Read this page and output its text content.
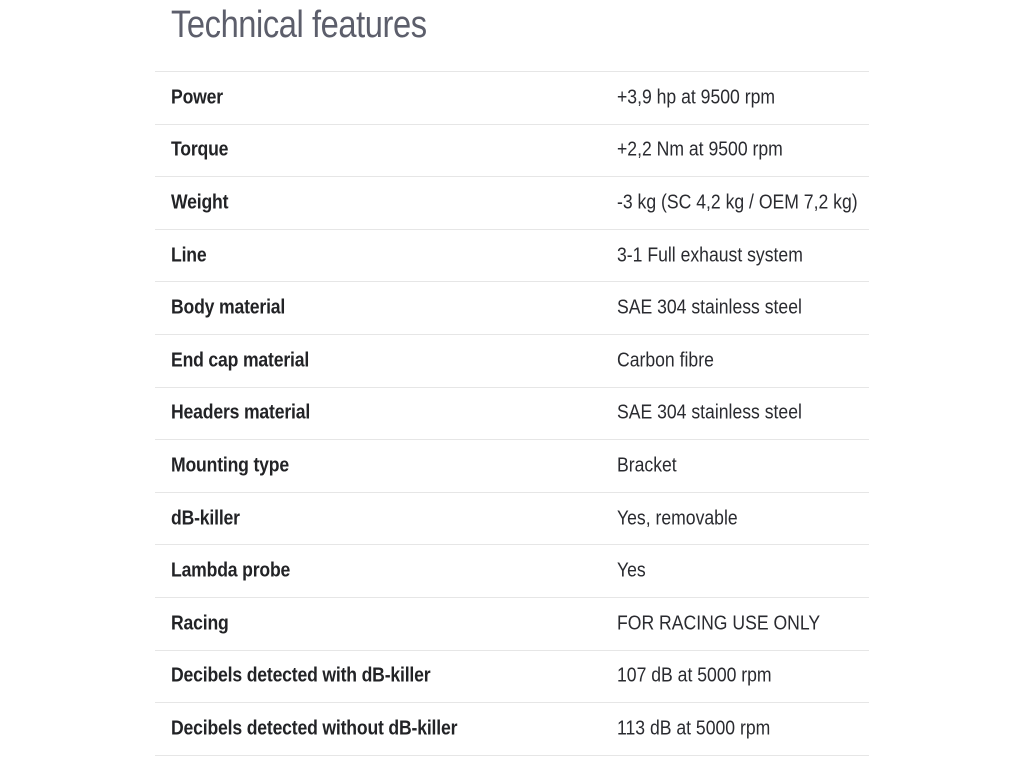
Technical features
Power	+3,9 hp at 9500 rpm
Torque	+2,2 Nm at 9500 rpm
Weight	-3 kg (SC 4,2 kg / OEM 7,2 kg)
Line	3-1 Full exhaust system
Body material	SAE 304 stainless steel
End cap material	Carbon fibre
Headers material	SAE 304 stainless steel
Mounting type	Bracket
dB-killer	Yes, removable
Lambda probe	Yes
Racing	FOR RACING USE ONLY
Decibels detected with dB-killer	107 dB at 5000 rpm
Decibels detected without dB-killer	113 dB at 5000 rpm
